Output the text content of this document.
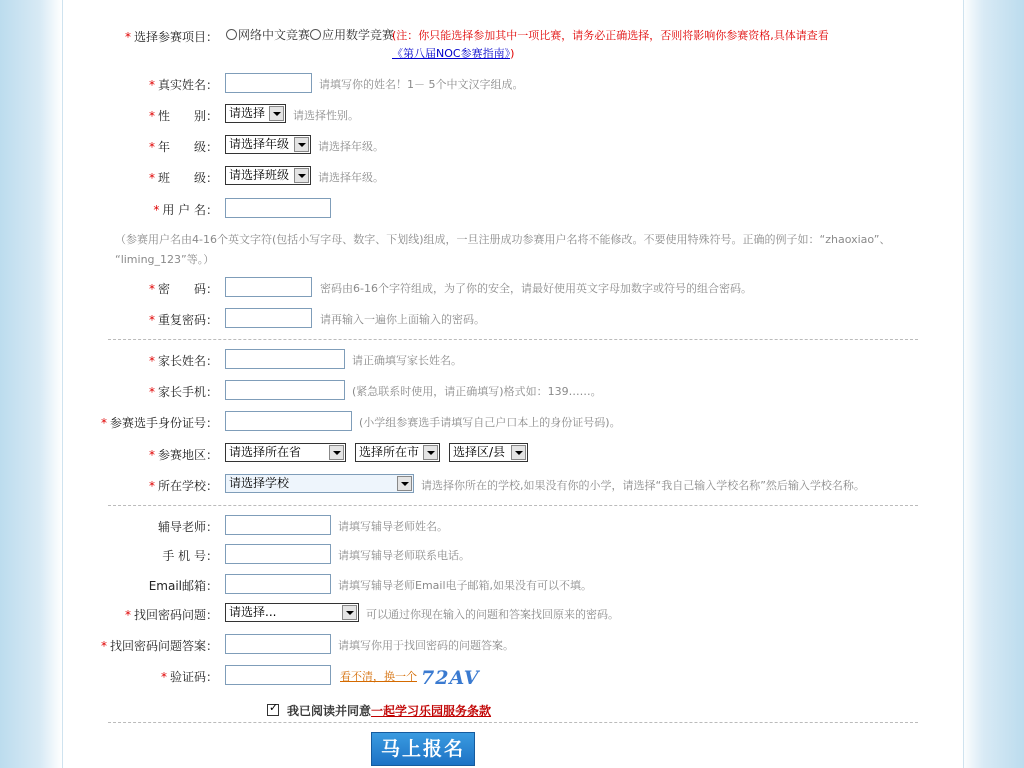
* 选择参赛项目：	网络中文竞赛 应用数学竞赛
(注：你只能选择参加其中一项比赛，请务必正确选择，否则将影响你参赛资格,具体请查看
《第八届NOC参赛指南》)
* 真实姓名：	请填写你的姓名！1－ 5个中文汉字组成。
* 性　　别： 请选择	请选择性别。
* 年　　级： 请选择年级	请选择年级。
* 班　　级： 请选择班级	请选择年级。
* 用 户 名：
（参赛用户名由4-16个英文字符(包括小写字母、数字、下划线)组成，一旦注册成功参赛用户名将不能修改。不要使用特殊符号。正确的例子如：“zhaoxiao”、
“liming_123”等。）
* 密　　码：	密码由6-16个字符组成，为了你的安全，请最好使用英文字母加数字或符号的组合密码。
* 重复密码：	请再输入一遍你上面输入的密码。
* 家长姓名：	请正确填写家长姓名。
* 家长手机：	(紧急联系时使用，请正确填写)格式如：139……。
* 参赛选手身份证号：	(小学组参赛选手请填写自己户口本上的身份证号码)。
* 参赛地区： 请选择所在省	选择所在市	选择区/县
* 所在学校： 请选择学校	请选择你所在的学校,如果没有你的小学，请选择“我自己输入学校名称”然后输入学校名称。
辅导老师：	请填写辅导老师姓名。
手 机 号：	请填写辅导老师联系电话。
Email邮箱：	请填写辅导老师Email电子邮箱,如果没有可以不填。
* 找回密码问题： 请选择...	可以通过你现在输入的问题和答案找回原来的密码。
* 找回密码问题答案：	请填写你用于找回密码的问题答案。
* 验证码：	看不清，换一个 72AV
✓ 我已阅读并同意一起学习乐园服务条款
马上报名
